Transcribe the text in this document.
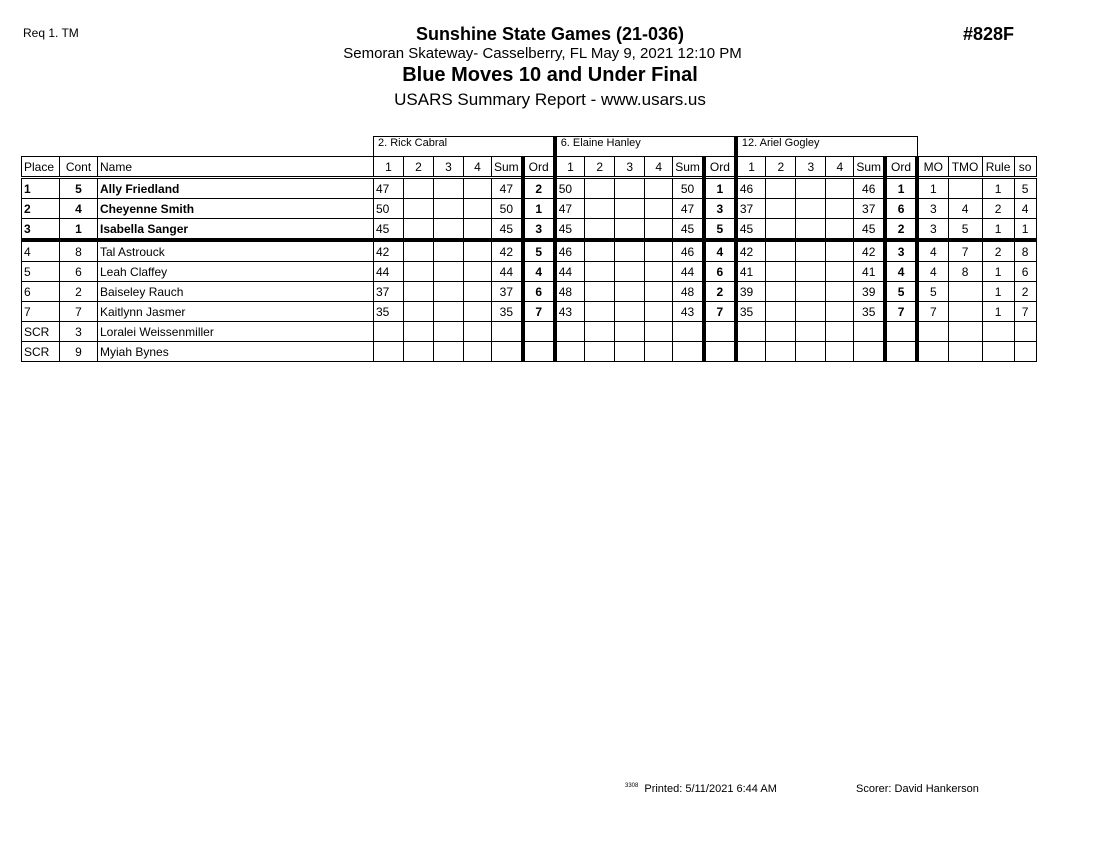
Req 1. TM	Sunshine State Games (21-036)
Semoran Skateway- Casselberry, FL May 9, 2021 12:10 PM
Blue Moves 10 and Under Final
USARS Summary Report - www.usars.us
#828F
			2. Rick Cabral						6. Elaine Hanley						12. Ariel Gogley									
Place	Cont	Name	1	2	3	4	Sum	Ord	1	2	3	4	Sum	Ord	1	2	3	4	Sum	Ord	MO	TMO	Rule	so
1	5	Ally Friedland	47				47	2	50				50	1	46				46	1	1		1	5
2	4	Cheyenne Smith	50				50	1	47				47	3	37				37	6	3	4	2	4
3	1	Isabella Sanger	45				45	3	45				45	5	45				45	2	3	5	1	1
4	8	Tal Astrouck	42				42	5	46				46	4	42				42	3	4	7	2	8
5	6	Leah Claffey	44				44	4	44				44	6	41				41	4	4	8	1	6
6	2	Baiseley Rauch	37				37	6	48				48	2	39				39	5	5		1	2
7	7	Kaitlynn Jasmer	35				35	7	43				43	7	35				35	7	7		1	7
SCR	3	Loralei Weissenmiller																						
SCR	9	Myiah Bynes																						
$^{3308}$ Printed: 5/11/2021 6:44 AM	Scorer: David Hankerson
